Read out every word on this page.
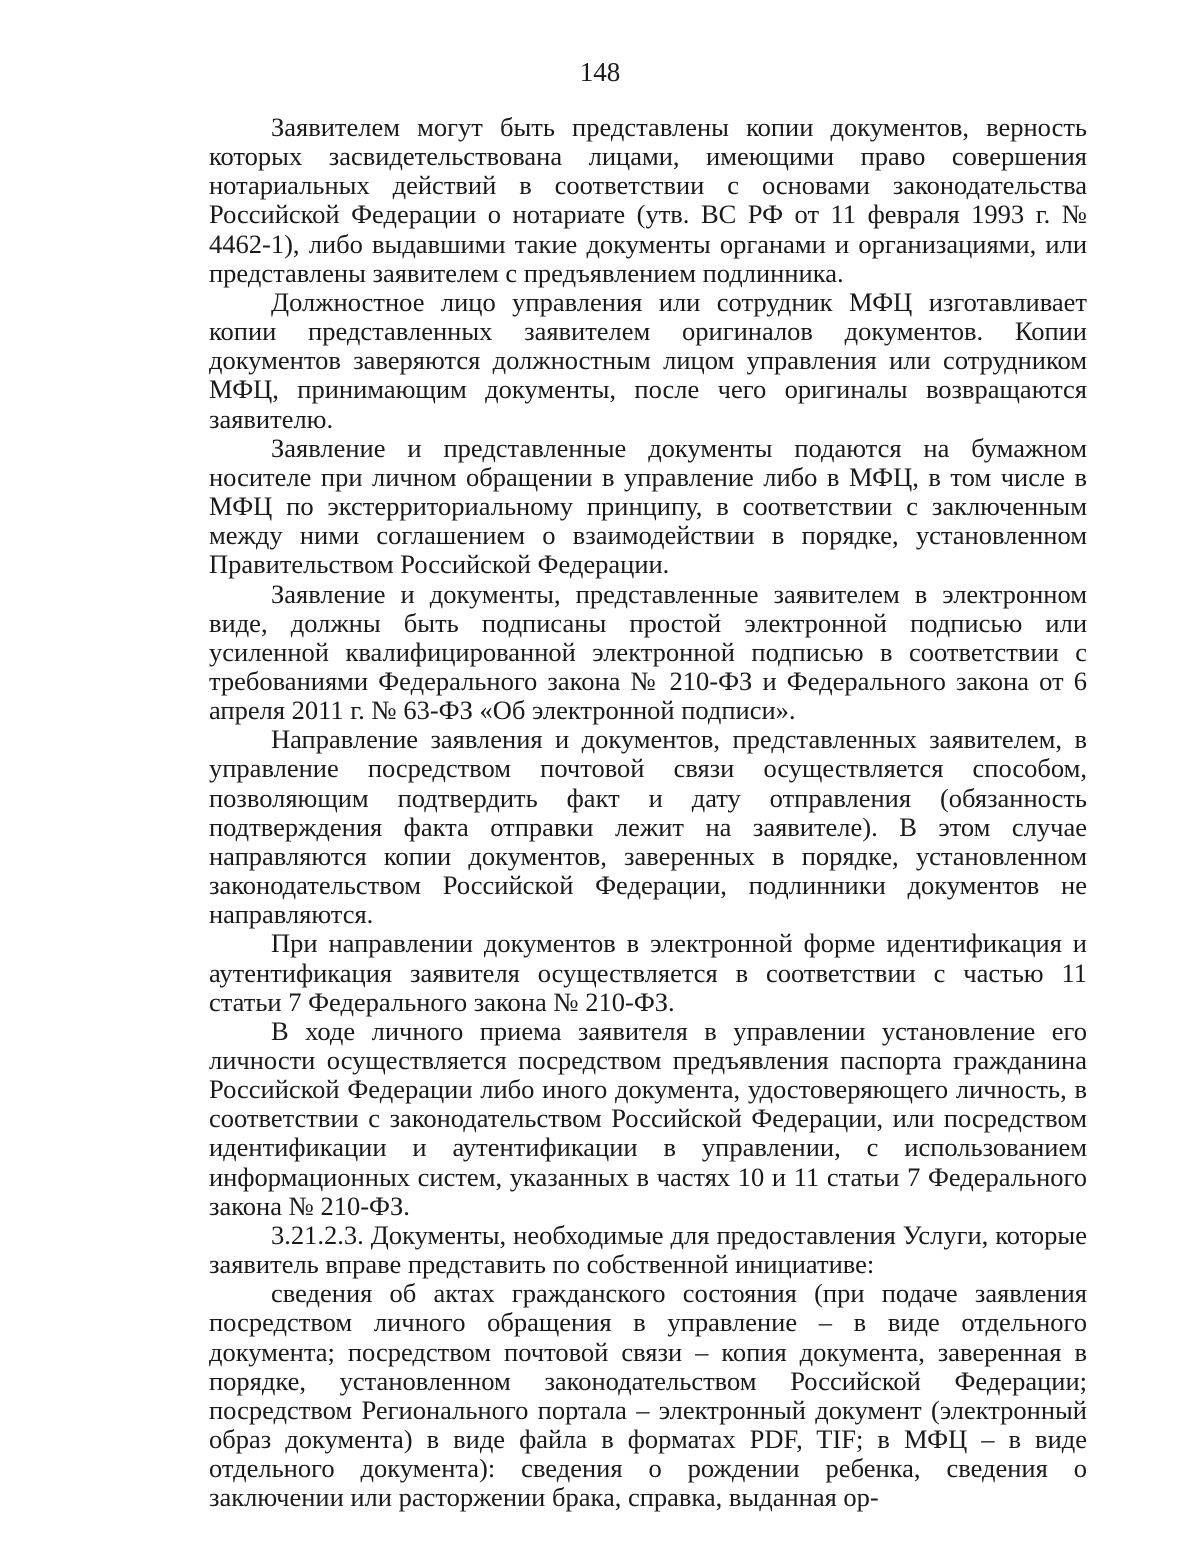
148

Заявителем могут быть представлены копии документов, верность которых засвидетельствована лицами, имеющими право совершения нотариальных действий в соответствии с основами законодательства Российской Федерации о нотариате (утв. ВС РФ от 11 февраля 1993 г. № 4462-1), либо выдавшими такие документы органами и организациями, или представлены заявителем с предъявлением подлинника.

Должностное лицо управления или сотрудник МФЦ изготавливает копии представленных заявителем оригиналов документов. Копии документов заверяются должностным лицом управления или сотрудником МФЦ, принимающим документы, после чего оригиналы возвращаются заявителю.

Заявление и представленные документы подаются на бумажном носителе при личном обращении в управление либо в МФЦ, в том числе в МФЦ по экстерриториальному принципу, в соответствии с заключенным между ними соглашением о взаимодействии в порядке, установленном Правительством Российской Федерации.

Заявление и документы, представленные заявителем в электронном виде, должны быть подписаны простой электронной подписью или усиленной квалифицированной электронной подписью в соответствии с требованиями Федерального закона № 210-ФЗ и Федерального закона от 6 апреля 2011 г. № 63-ФЗ «Об электронной подписи».

Направление заявления и документов, представленных заявителем, в управление посредством почтовой связи осуществляется способом, позволяющим подтвердить факт и дату отправления (обязанность подтверждения факта отправки лежит на заявителе). В этом случае направляются копии документов, заверенных в порядке, установленном законодательством Российской Федерации, подлинники документов не направляются.

При направлении документов в электронной форме идентификация и аутентификация заявителя осуществляется в соответствии с частью 11 статьи 7 Федерального закона № 210-ФЗ.

В ходе личного приема заявителя в управлении установление его личности осуществляется посредством предъявления паспорта гражданина Российской Федерации либо иного документа, удостоверяющего личность, в соответствии с законодательством Российской Федерации, или посредством идентификации и аутентификации в управлении, с использованием информационных систем, указанных в частях 10 и 11 статьи 7 Федерального закона № 210-ФЗ.

3.21.2.3. Документы, необходимые для предоставления Услуги, которые заявитель вправе представить по собственной инициативе:

сведения об актах гражданского состояния (при подаче заявления посредством личного обращения в управление – в виде отдельного документа; посредством почтовой связи – копия документа, заверенная в порядке, установленном законодательством Российской Федерации; посредством Регионального портала – электронный документ (электронный образ документа) в виде файла в форматах PDF, TIF; в МФЦ – в виде отдельного документа): сведения о рождении ребенка, сведения о заключении или расторжении брака, справка, выданная ор-
